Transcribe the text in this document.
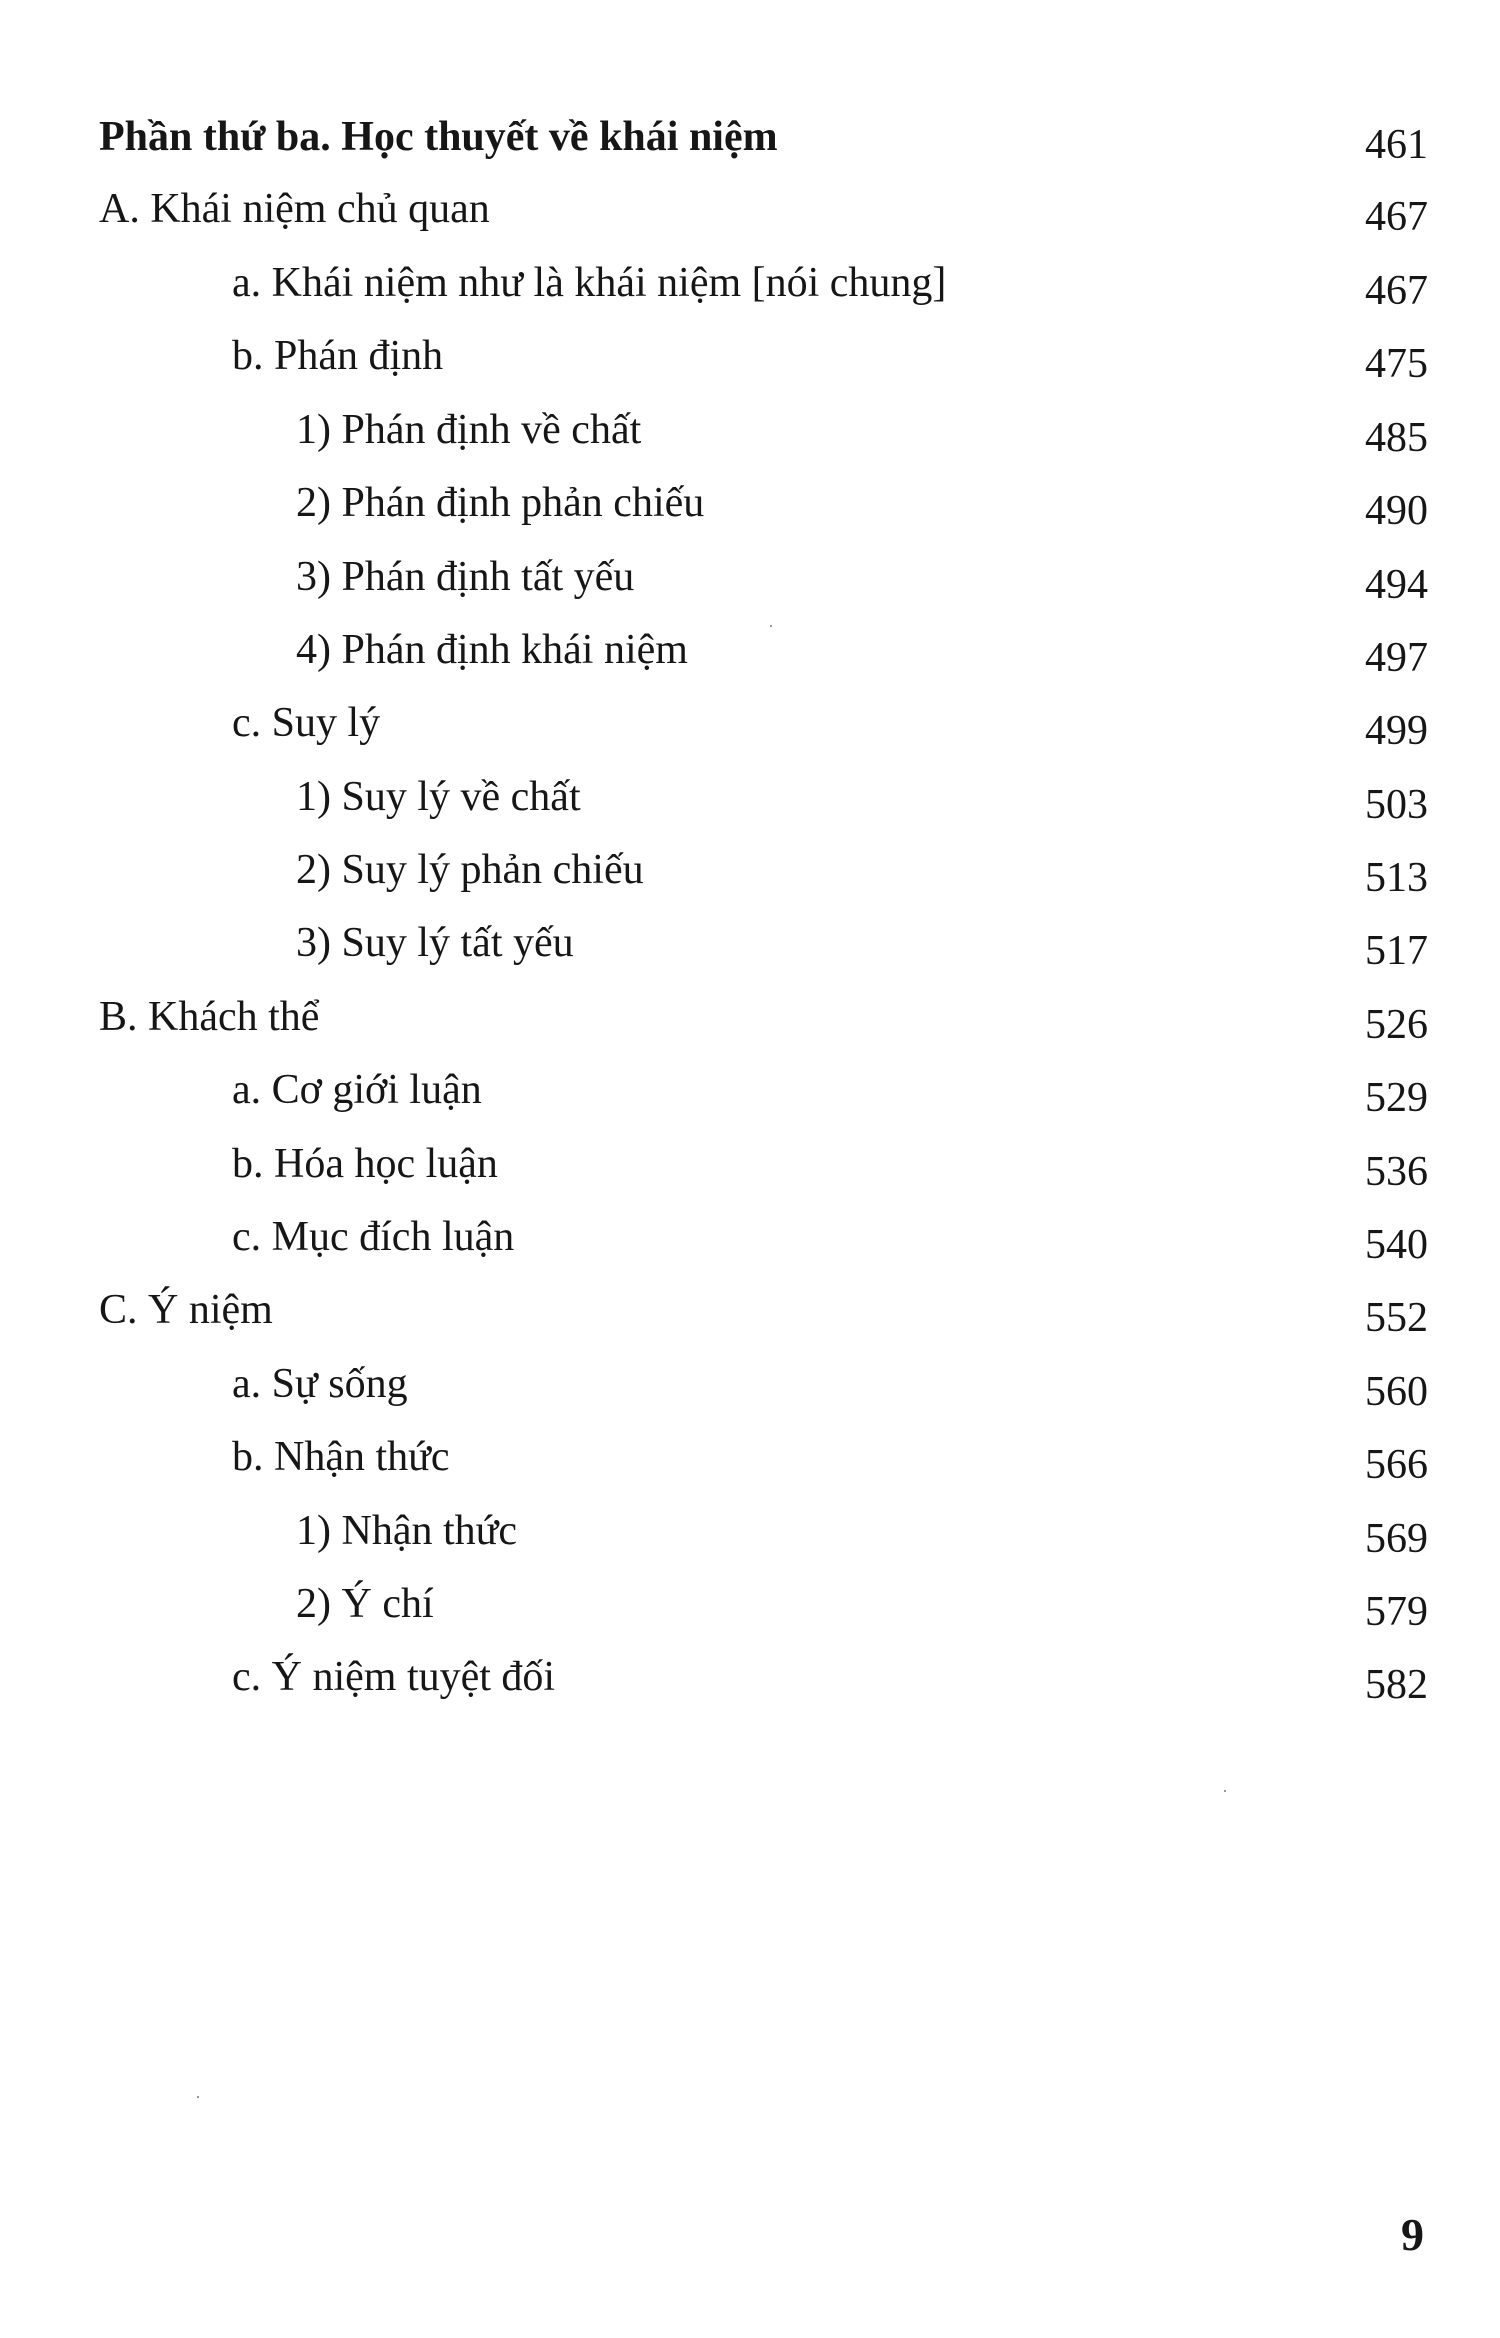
Phần thứ ba. Học thuyết về khái niệm	461
A. Khái niệm chủ quan	467
a. Khái niệm như là khái niệm [nói chung]	467
b. Phán định	475
1) Phán định về chất	485
2) Phán định phản chiếu	490
3) Phán định tất yếu	494
4) Phán định khái niệm	497
c. Suy lý	499
1) Suy lý về chất	503
2) Suy lý phản chiếu	513
3) Suy lý tất yếu	517
B. Khách thể	526
a. Cơ giới luận	529
b. Hóa học luận	536
c. Mục đích luận	540
C. Ý niệm	552
a. Sự sống	560
b. Nhận thức	566
1) Nhận thức	569
2) Ý chí	579
c. Ý niệm tuyệt đối	582
9
